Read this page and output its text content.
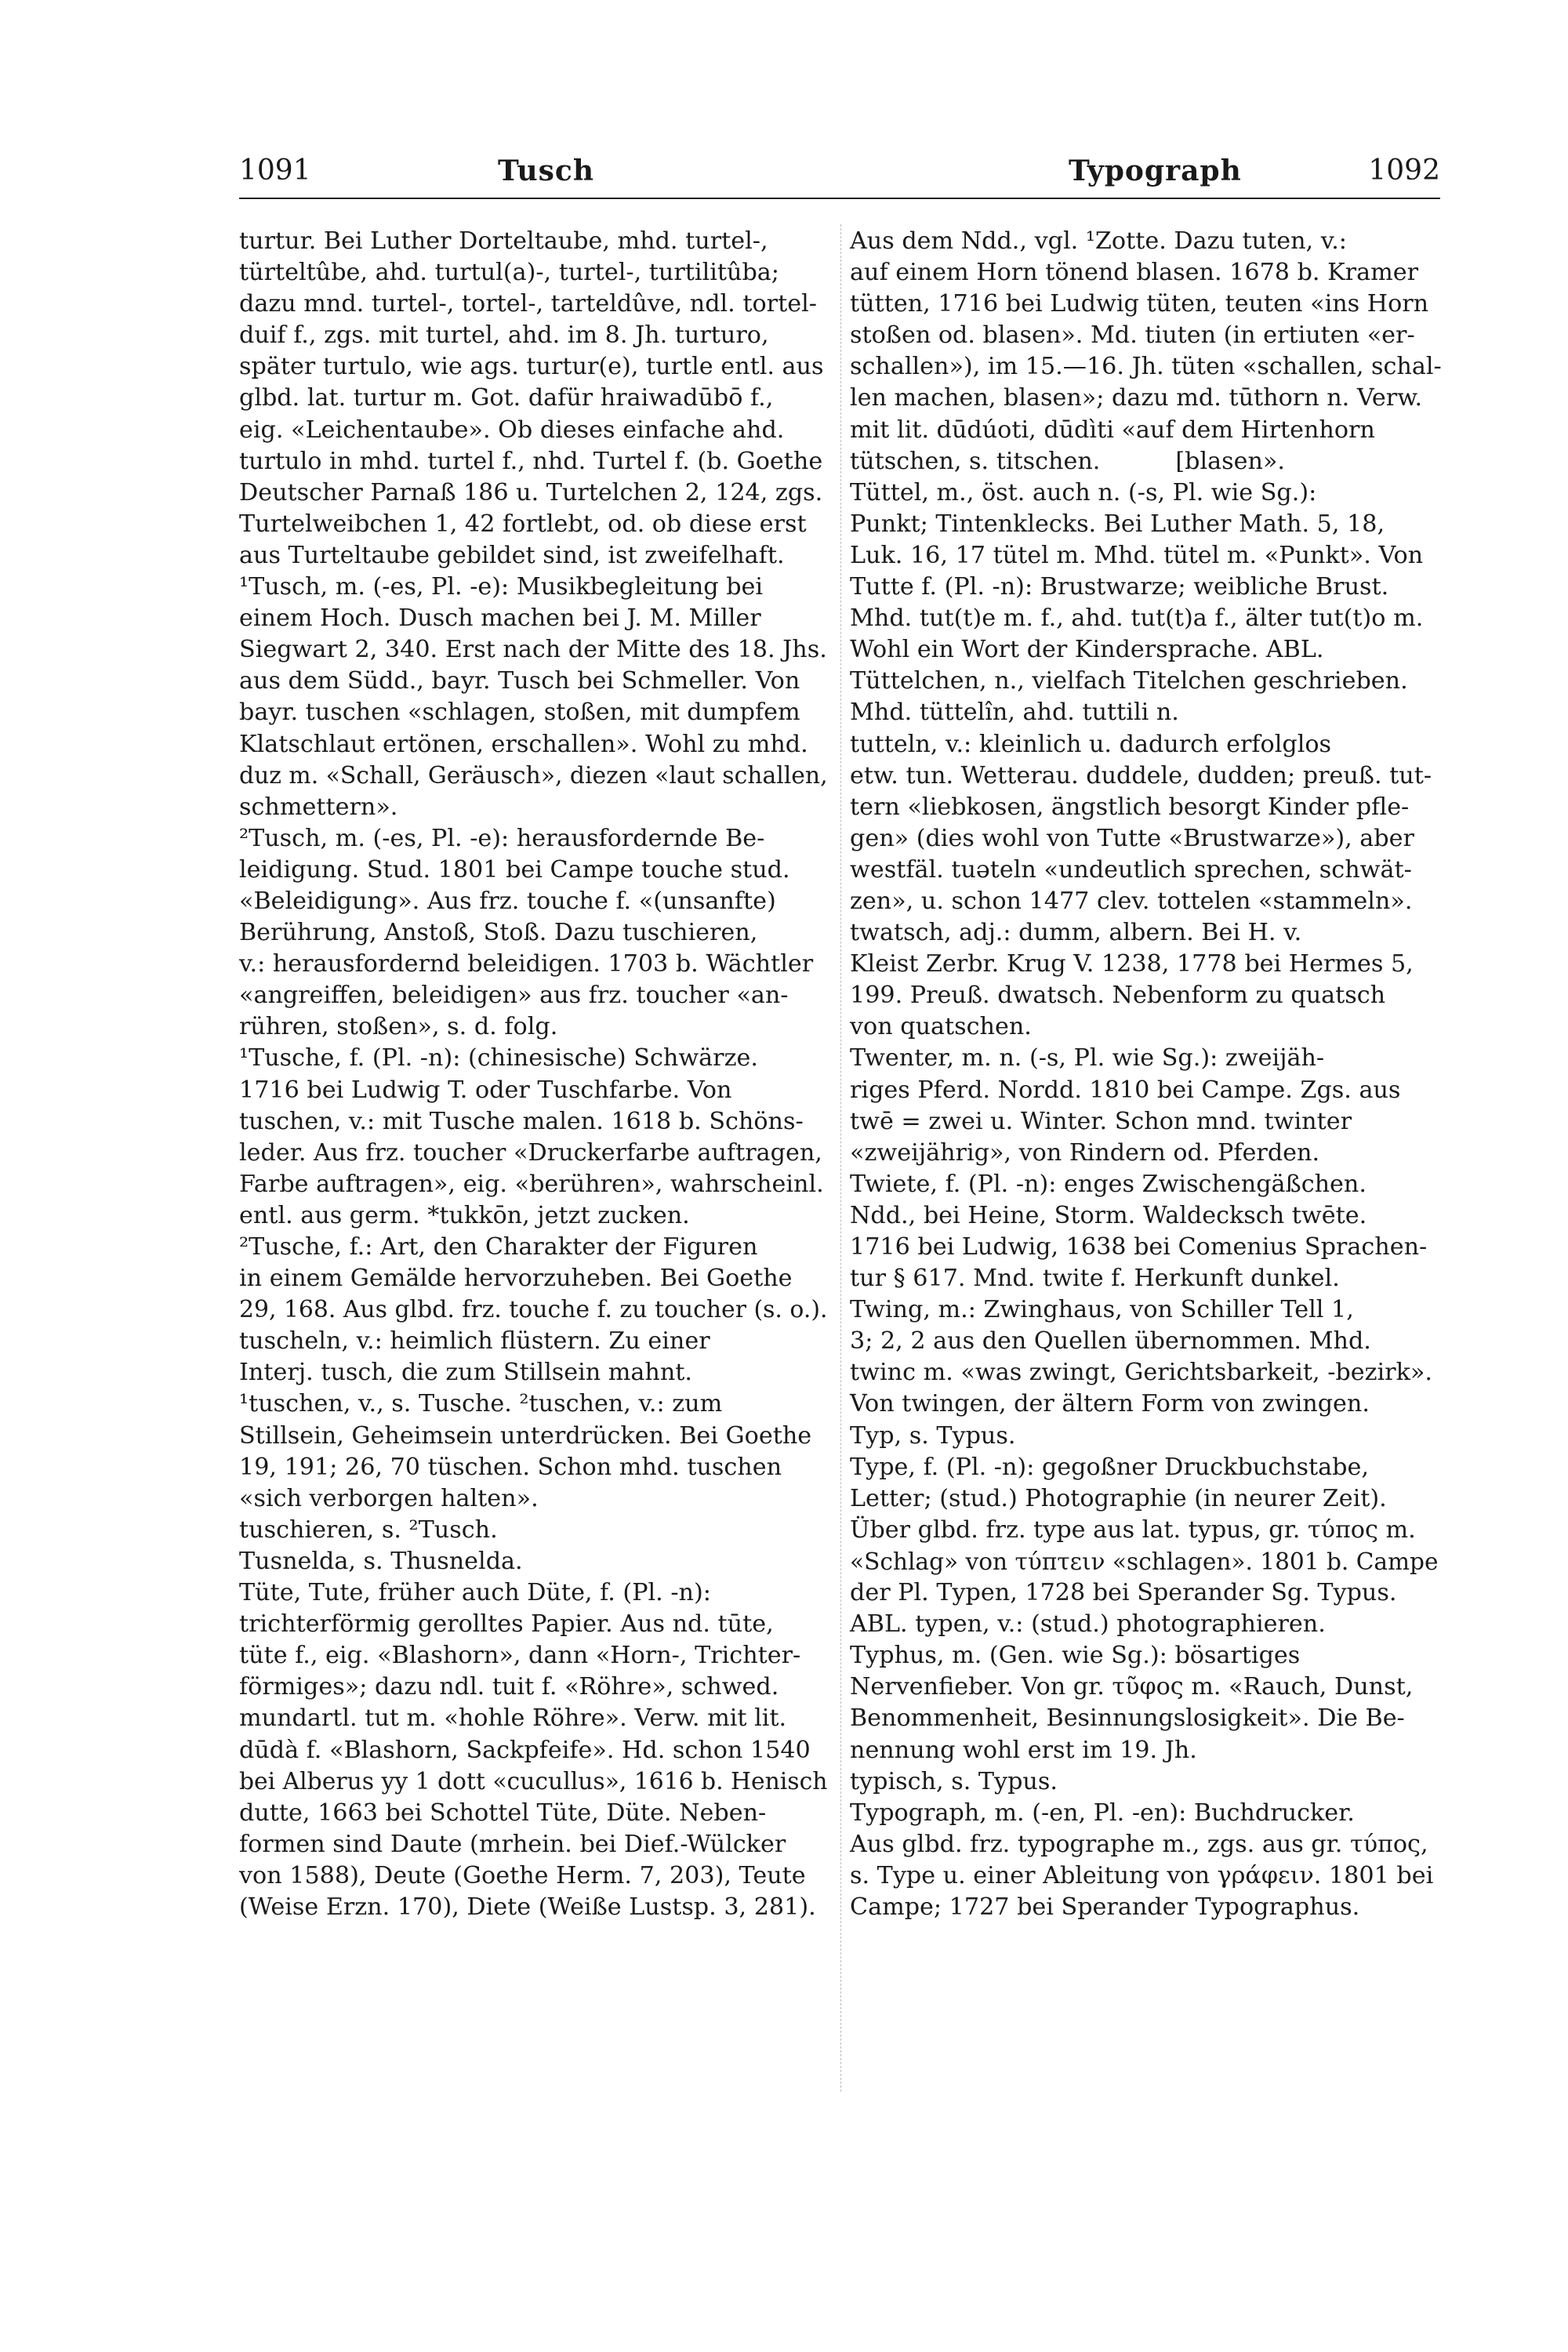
1091	Tusch	Typograph	1092
turtur. Bei Luther Dorteltaube, mhd. turtel-,
türteltûbe, ahd. turtul(a)-, turtel-, turtilitûba;
dazu mnd. turtel-, tortel-, tarteldûve, ndl. tortel-
duif f., zgs. mit turtel, ahd. im 8. Jh. turturo,
später turtulo, wie ags. turtur(e), turtle entl. aus
glbd. lat. turtur m. Got. dafür hraiwadūbō f.,
eig. «Leichentaube». Ob dieses einfache ahd.
turtulo in mhd. turtel f., nhd. Turtel f. (b. Goethe
Deutscher Parnaß 186 u. Turtelchen 2, 124, zgs.
Turtelweibchen 1, 42 fortlebt, od. ob diese erst
aus Turteltaube gebildet sind, ist zweifelhaft.
¹Tusch, m. (-es, Pl. -e): Musikbegleitung bei
einem Hoch. Dusch machen bei J. M. Miller
Siegwart 2, 340. Erst nach der Mitte des 18. Jhs.
aus dem Südd., bayr. Tusch bei Schmeller. Von
bayr. tuschen «schlagen, stoßen, mit dumpfem
Klatschlaut ertönen, erschallen». Wohl zu mhd.
duz m. «Schall, Geräusch», diezen «laut schallen,
schmettern».
²Tusch, m. (-es, Pl. -e): herausfordernde Be-
leidigung. Stud. 1801 bei Campe touche stud.
«Beleidigung». Aus frz. touche f. «(unsanfte)
Berührung, Anstoß, Stoß. Dazu tuschieren,
v.: herausfordernd beleidigen. 1703 b. Wächtler
«angreiffen, beleidigen» aus frz. toucher «an-
rühren, stoßen», s. d. folg.
¹Tusche, f. (Pl. -n): (chinesische) Schwärze.
1716 bei Ludwig T. oder Tuschfarbe. Von
tuschen, v.: mit Tusche malen. 1618 b. Schöns-
leder. Aus frz. toucher «Druckerfarbe auftragen,
Farbe auftragen», eig. «berühren», wahrscheinl.
entl. aus germ. *tukkōn, jetzt zucken.
²Tusche, f.: Art, den Charakter der Figuren
in einem Gemälde hervorzuheben. Bei Goethe
29, 168. Aus glbd. frz. touche f. zu toucher (s. o.).
tuscheln, v.: heimlich flüstern. Zu einer
Interj. tusch, die zum Stillsein mahnt.
¹tuschen, v., s. Tusche. ²tuschen, v.: zum
Stillsein, Geheimsein unterdrücken. Bei Goethe
19, 191; 26, 70 tüschen. Schon mhd. tuschen
«sich verborgen halten».
tuschieren, s. ²Tusch.
Tusnelda, s. Thusnelda.
Tüte, Tute, früher auch Düte, f. (Pl. -n):
trichterförmig gerolltes Papier. Aus nd. tūte,
tüte f., eig. «Blashorn», dann «Horn-, Trichter-
förmiges»; dazu ndl. tuit f. «Röhre», schwed.
mundartl. tut m. «hohle Röhre». Verw. mit lit.
dūdà f. «Blashorn, Sackpfeife». Hd. schon 1540
bei Alberus yy 1 dott «cucullus», 1616 b. Henisch
dutte, 1663 bei Schottel Tüte, Düte. Neben-
formen sind Daute (mrhein. bei Dief.-Wülcker
von 1588), Deute (Goethe Herm. 7, 203), Teute
(Weise Erzn. 170), Diete (Weiße Lustsp. 3, 281).
Aus dem Ndd., vgl. ¹Zotte. Dazu tuten, v.:
auf einem Horn tönend blasen. 1678 b. Kramer
tütten, 1716 bei Ludwig tüten, teuten «ins Horn
stoßen od. blasen». Md. tiuten (in ertiuten «er-
schallen»), im 15.—16. Jh. tüten «schallen, schal-
len machen, blasen»; dazu md. tūthorn n. Verw.
mit lit. dūdúoti, dūdìti «auf dem Hirtenhorn
tütschen, s. titschen.          [blasen».
Tüttel, m., öst. auch n. (-s, Pl. wie Sg.):
Punkt; Tintenklecks. Bei Luther Math. 5, 18,
Luk. 16, 17 tütel m. Mhd. tütel m. «Punkt». Von
Tutte f. (Pl. -n): Brustwarze; weibliche Brust.
Mhd. tut(t)e m. f., ahd. tut(t)a f., älter tut(t)o m.
Wohl ein Wort der Kindersprache. ABL.
Tüttelchen, n., vielfach Titelchen geschrieben.
Mhd. tüttelîn, ahd. tuttili n.
tutteln, v.: kleinlich u. dadurch erfolglos
etw. tun. Wetterau. duddele, dudden; preuß. tut-
tern «liebkosen, ängstlich besorgt Kinder pfle-
gen» (dies wohl von Tutte «Brustwarze»), aber
westfäl. tuəteln «undeutlich sprechen, schwät-
zen», u. schon 1477 clev. tottelen «stammeln».
twatsch, adj.: dumm, albern. Bei H. v.
Kleist Zerbr. Krug V. 1238, 1778 bei Hermes 5,
199. Preuß. dwatsch. Nebenform zu quatsch
von quatschen.
Twenter, m. n. (-s, Pl. wie Sg.): zweijäh-
riges Pferd. Nordd. 1810 bei Campe. Zgs. aus
twē = zwei u. Winter. Schon mnd. twinter
«zweijährig», von Rindern od. Pferden.
Twiete, f. (Pl. -n): enges Zwischengäßchen.
Ndd., bei Heine, Storm. Waldecksch twēte.
1716 bei Ludwig, 1638 bei Comenius Sprachen-
tur § 617. Mnd. twite f. Herkunft dunkel.
Twing, m.: Zwinghaus, von Schiller Tell 1,
3; 2, 2 aus den Quellen übernommen. Mhd.
twinc m. «was zwingt, Gerichtsbarkeit, -bezirk».
Von twingen, der ältern Form von zwingen.
Typ, s. Typus.
Type, f. (Pl. -n): gegoßner Druckbuchstabe,
Letter; (stud.) Photographie (in neurer Zeit).
Über glbd. frz. type aus lat. typus, gr. τύπος m.
«Schlag» von τύπτειν «schlagen». 1801 b. Campe
der Pl. Typen, 1728 bei Sperander Sg. Typus.
ABL. typen, v.: (stud.) photographieren.
Typhus, m. (Gen. wie Sg.): bösartiges
Nervenfieber. Von gr. τῦφος m. «Rauch, Dunst,
Benommenheit, Besinnungslosigkeit». Die Be-
nennung wohl erst im 19. Jh.
typisch, s. Typus.
Typograph, m. (-en, Pl. -en): Buchdrucker.
Aus glbd. frz. typographe m., zgs. aus gr. τύπος,
s. Type u. einer Ableitung von γράφειν. 1801 bei
Campe; 1727 bei Sperander Typographus.
